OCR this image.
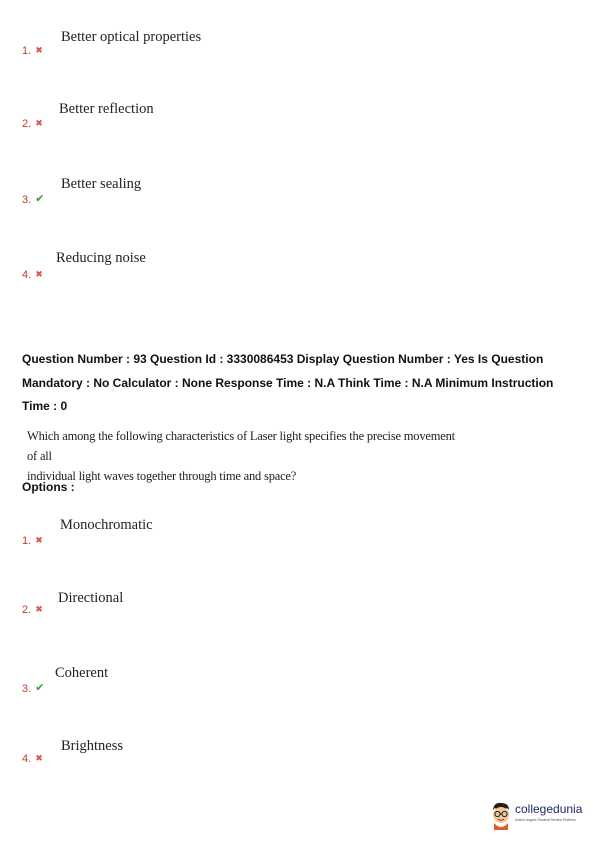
Better optical properties
1. ✖
Better reflection
2. ✖
Better sealing
3. ✔
Reducing noise
4. ✖
Question Number : 93 Question Id : 3330086453 Display Question Number : Yes Is Question
Mandatory : No Calculator : None Response Time : N.A Think Time : N.A Minimum Instruction
Time : 0
Which among the following characteristics of Laser light specifies the precise movement of all
individual light waves together through time and space?
Options :
Monochromatic
1. ✖
Directional
2. ✖
Coherent
3. ✔
Brightness
4. ✖
collegedunia
India's largest Student Review Platform
